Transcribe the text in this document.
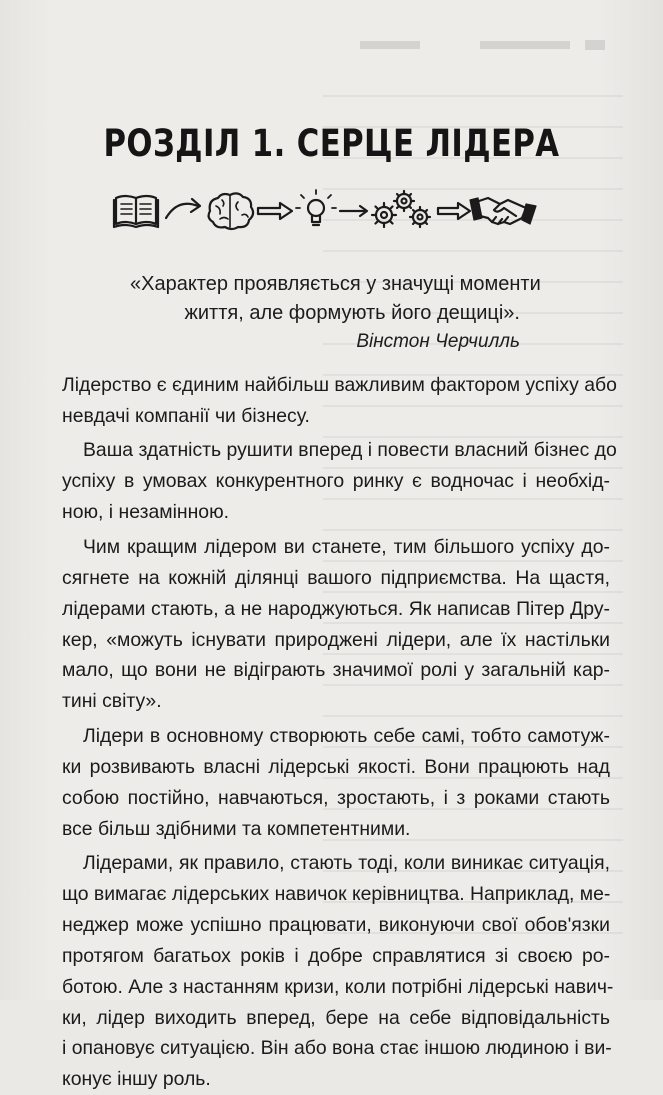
РОЗДІЛ 1. СЕРЦЕ ЛІДЕРА
«Характер проявляється у значущі моменти
життя, але формують його дещиці».
Вінстон Черчилль
Лідерство є єдиним найбільш важливим фактором успіху або
невдачі компанії чи бізнесу.
Ваша здатність рушити вперед і повести власний бізнес до
успіху в умовах конкурентного ринку є водночас і необхід-
ною, і незамінною.
Чим кращим лідером ви станете, тим більшого успіху до-
сягнете на кожній ділянці вашого підприємства. На щастя,
лідерами стають, а не народжуються. Як написав Пітер Дру-
кер, «можуть існувати природжені лідери, але їх настільки
мало, що вони не відіграють значимої ролі у загальній кар-
тині світу».
Лідери в основному створюють себе самі, тобто самотуж-
ки розвивають власні лідерські якості. Вони працюють над
собою постійно, навчаються, зростають, і з роками стають
все більш здібними та компетентними.
Лідерами, як правило, стають тоді, коли виникає ситуація,
що вимагає лідерських навичок керівництва. Наприклад, ме-
неджер може успішно працювати, виконуючи свої обов'язки
протягом багатьох років і добре справлятися зі своєю ро-
ботою. Але з настанням кризи, коли потрібні лідерські навич-
ки, лідер виходить вперед, бере на себе відповідальність
і опановує ситуацією. Він або вона стає іншою людиною і ви-
конує іншу роль.
